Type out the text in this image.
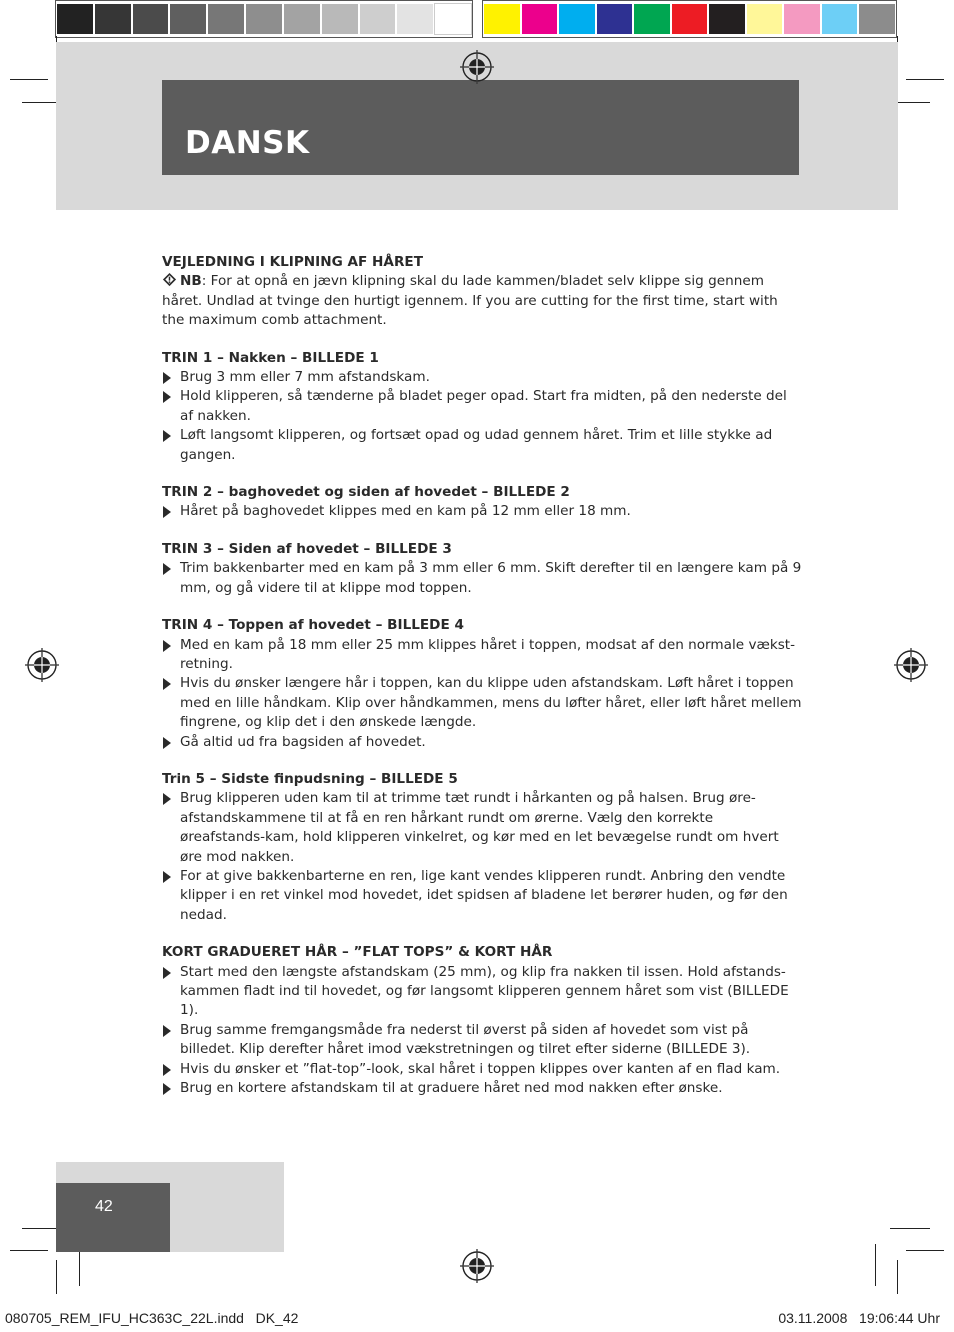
DANSK
VEJLEDNING I KLIPNING AF HÅRET

NB: For at opnå en jævn klipning skal du lade kammen/bladet selv klippe sig gennem håret. Undlad at tvinge den hurtigt igennem. If you are cutting for the first time, start with the maximum comb attachment.

TRIN 1 – Nakken – BILLEDE 1
Brug 3 mm eller 7 mm afstandskam.
Hold klipperen, så tænderne på bladet peger opad. Start fra midten, på den nederste del af nakken.
Løft langsomt klipperen, og fortsæt opad og udad gennem håret. Trim et lille stykke ad gangen.
TRIN 2 – baghovedet og siden af hovedet – BILLEDE 2
Håret på baghovedet klippes med en kam på 12 mm eller 18 mm.
TRIN 3 – Siden af hovedet – BILLEDE 3
Trim bakkenbarter med en kam på 3 mm eller 6 mm. Skift derefter til en længere kam på 9 mm, og gå videre til at klippe mod toppen.
TRIN 4 – Toppen af hovedet – BILLEDE 4
Med en kam på 18 mm eller 25 mm klippes håret i toppen, modsat af den normale vækst-retning.
Hvis du ønsker længere hår i toppen, kan du klippe uden afstandskam. Løft håret i toppen med en lille håndkam. Klip over håndkammen, mens du løfter håret, eller løft håret mellem fingrene, og klip det i den ønskede længde.
Gå altid ud fra bagsiden af hovedet.
Trin 5 – Sidste finpudsning – BILLEDE 5
Brug klipperen uden kam til at trimme tæt rundt i hårkanten og på halsen. Brug øre-afstandskammene til at få en ren hårkant rundt om ørerne. Vælg den korrekte øreafstands-kam, hold klipperen vinkelret, og kør med en let bevægelse rundt om hvert øre mod nakken.
For at give bakkenbarterne en ren, lige kant vendes klipperen rundt. Anbring den vendte klipper i en ret vinkel mod hovedet, idet spidsen af bladene let berører huden, og før den nedad.
KORT GRADUERET HÅR – ”FLAT TOPS” & KORT HÅR
Start med den længste afstandskam (25 mm), og klip fra nakken til issen. Hold afstands-kammen fladt ind til hovedet, og før langsomt klipperen gennem håret som vist (BILLEDE 1).
Brug samme fremgangsmåde fra nederst til øverst på siden af hovedet som vist på billedet. Klip derefter håret imod vækstretningen og tilret efter siderne (BILLEDE 3).
Hvis du ønsker et ”flat-top”-look, skal håret i toppen klippes over kanten af en flad kam.
Brug en kortere afstandskam til at graduere håret ned mod nakken efter ønske.
42
080705_REM_IFU_HC363C_22L.indd   DK_42	03.11.2008   19:06:44 Uhr
